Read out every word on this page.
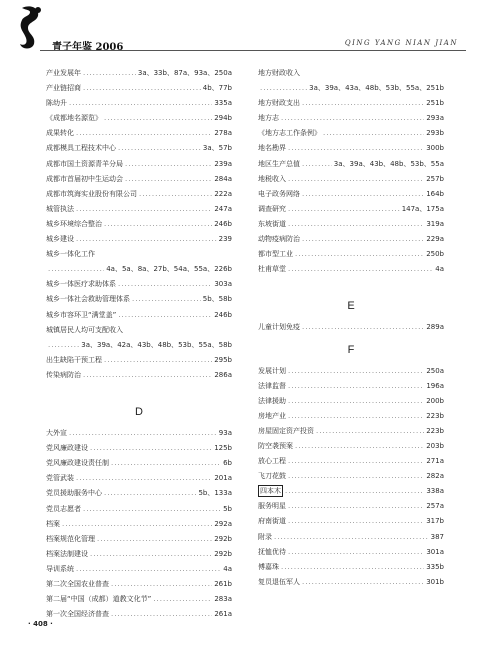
青子年鉴 2006	QING YANG NIAN JIAN
产业发展年 .....	3a、33b、87a、93a、250a
产业链招商 .....	4b、77b
陈幼升 .....	335a
《成都地名源览》 .....	294b
成果转化 .....	278a
成都模具工程技术中心 .....	3a、57b
成都市国土资源青羊分局 .....	239a
成都市首届初中生运动会 .....	284a
成都市筑海实业股份有限公司 .....	222a
城管执法 .....	247a
城乡环境综合整治 .....	246b
城乡建设 .....	239
城乡一体化工作
.....
4a、5a、8a、27b、54a、55a、226b
城乡一体医疗求助体系 .....	303a
城乡一体社会救助管理体系 .....	5b、58b
城乡市容环卫“满堂盖” .....	246b
城镇居民人均可支配收入
.....
3a、39a、42a、43b、48b、53b、55a、58b
出生缺陷干预工程 .....	295b
传染病防治 .....	286a
D
大外宣 .....	93a
党风廉政建设 .....	125b
党风廉政建设责任制 .....	6b
党管武装 .....	201a
党员援助服务中心 .....	5b、133a
党员志愿者 .....	5b
档案 .....	292a
档案规范化管理 .....	292b
档案法制建设 .....	292b
导训系统 .....	4a
第二次全国农业普查 .....	261b
第二届“中国（成都）道教文化节” .....	283a
第一次全国经济普查 .....	261a
地方财政收入
.....
3a、39a、43a、48b、53b、55a、251b
地方财政支出 .....	251b
地方志 .....	293a
《地方志工作条例》 .....	293b
地名勘界 .....	300b
地区生产总值 .....	3a、39a、43b、48b、53b、55a
地税收入 .....	257b
电子政务网络 .....	164b
调查研究 .....	147a、175a
东坡街道 .....	319a
动物疫病防治 .....	229a
都市型工业 .....	250b
杜甫草堂 .....	4a
E
儿童计划免疫 .....	289a
F
发展计划 .....	250a
法律监督 .....	196a
法律援助 .....	200b
房地产业 .....	223b
房屋固定资产投资 .....	223b
防空袭预案 .....	203b
放心工程 .....	271a
飞刀花鼓 .....	282a
四本木 .....	338a
服务明星 .....	257a
府南街道 .....	317b
附录 .....	387
抚恤优待 .....	301a
傅嘉珠 .....	335b
复员退伍军人 .....	301b
· 408 ·
